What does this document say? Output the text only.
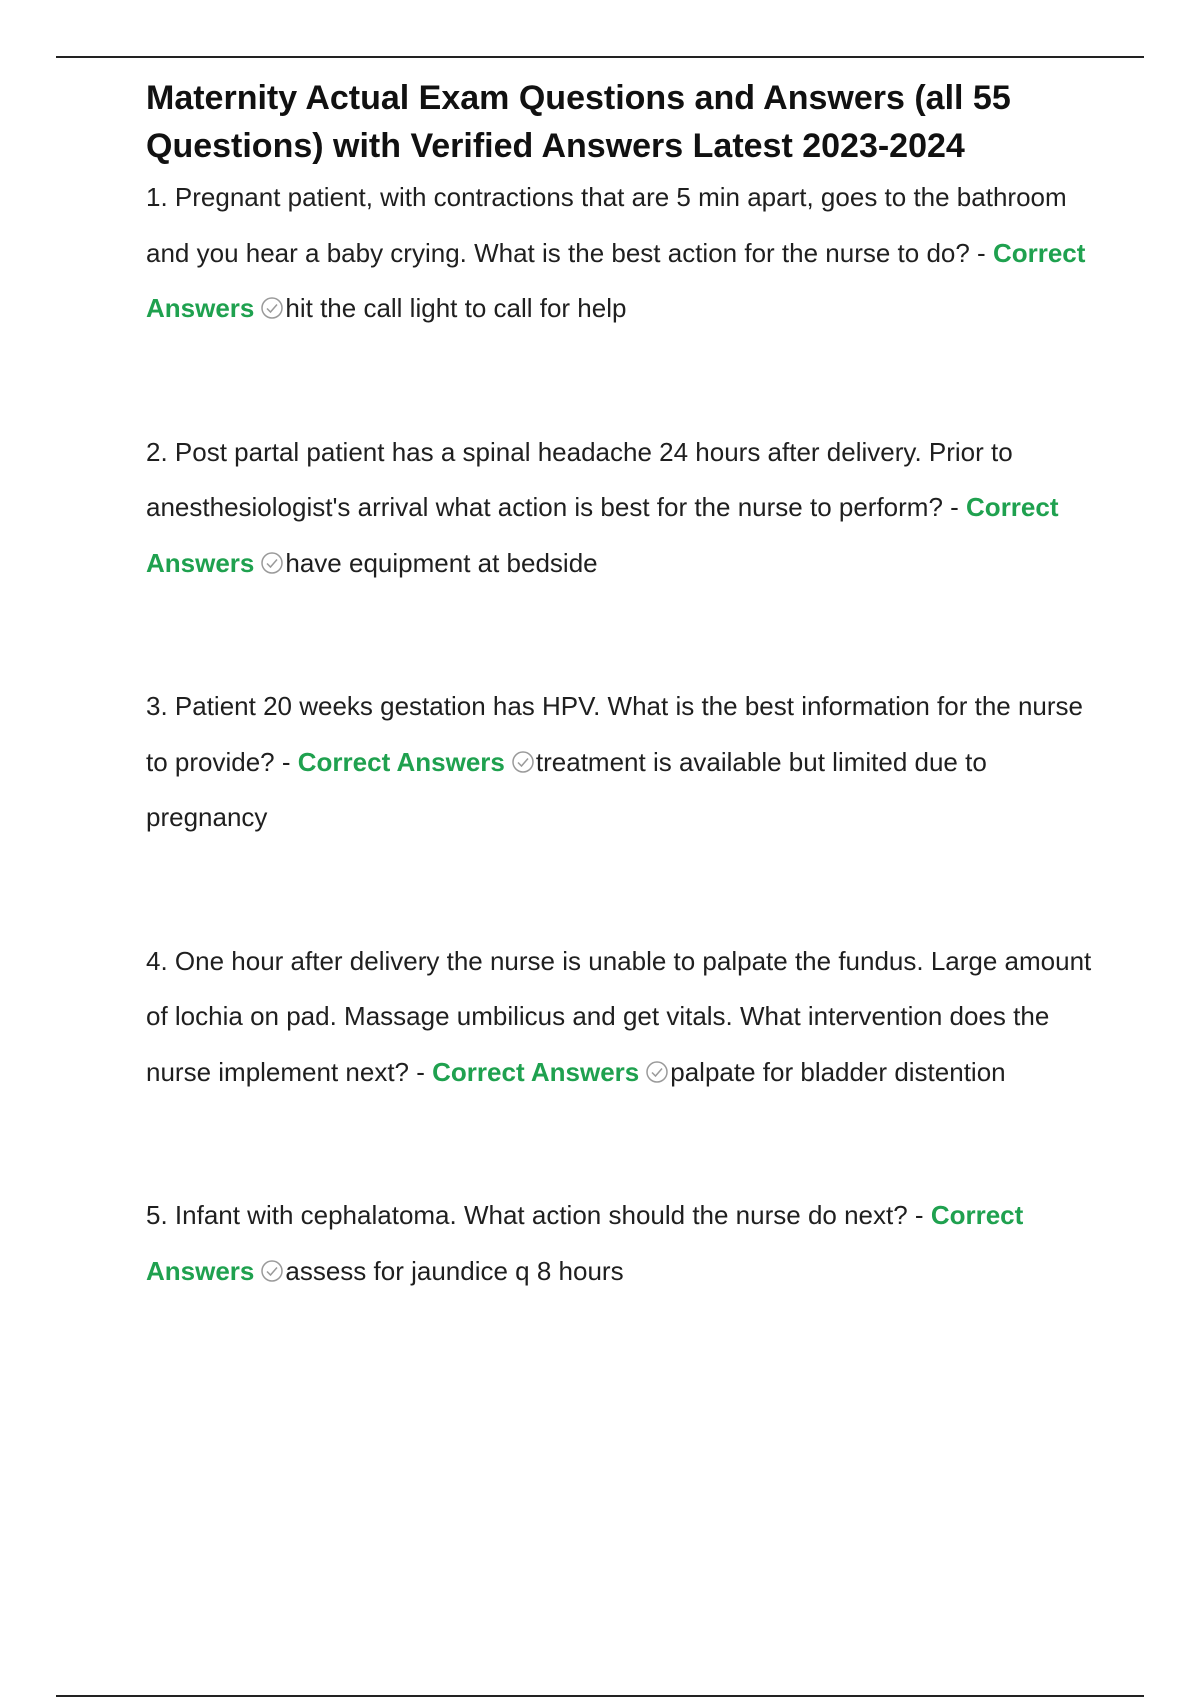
Maternity Actual Exam Questions and Answers (all 55 Questions) with Verified Answers Latest 2023-2024

1. Pregnant patient, with contractions that are 5 min apart, goes to the bathroom and you hear a baby crying. What is the best action for the nurse to do? - Correct Answers hit the call light to call for help

2. Post partal patient has a spinal headache 24 hours after delivery. Prior to anesthesiologist's arrival what action is best for the nurse to perform? - Correct Answers have equipment at bedside

3. Patient 20 weeks gestation has HPV. What is the best information for the nurse to provide? - Correct Answers treatment is available but limited due to pregnancy

4. One hour after delivery the nurse is unable to palpate the fundus. Large amount of lochia on pad. Massage umbilicus and get vitals. What intervention does the nurse implement next? - Correct Answers palpate for bladder distention

5. Infant with cephalatoma. What action should the nurse do next? - Correct Answers assess for jaundice q 8 hours
